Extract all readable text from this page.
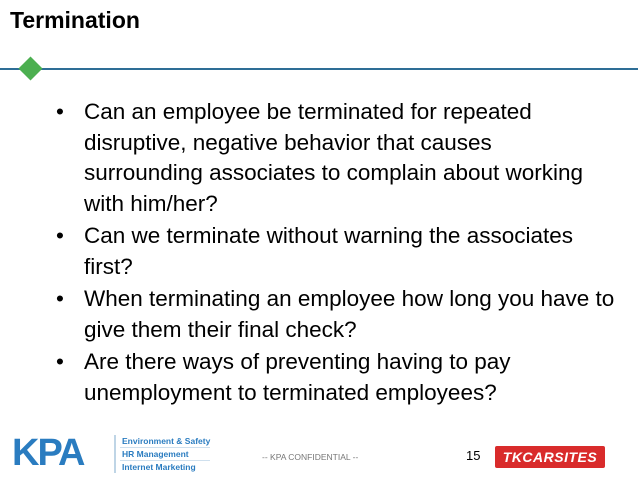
Termination
• Can an employee be terminated for repeated disruptive, negative behavior that causes surrounding associates to complain about working with him/her?
• Can we terminate without warning the associates first?
• When terminating an employee how long you have to give them their final check?
• Are there ways of preventing having to pay unemployment to terminated employees?
KPA	Environment & Safety
HR Management
Internet Marketing
-- KPA CONFIDENTIAL --	15	TKCARSITES
